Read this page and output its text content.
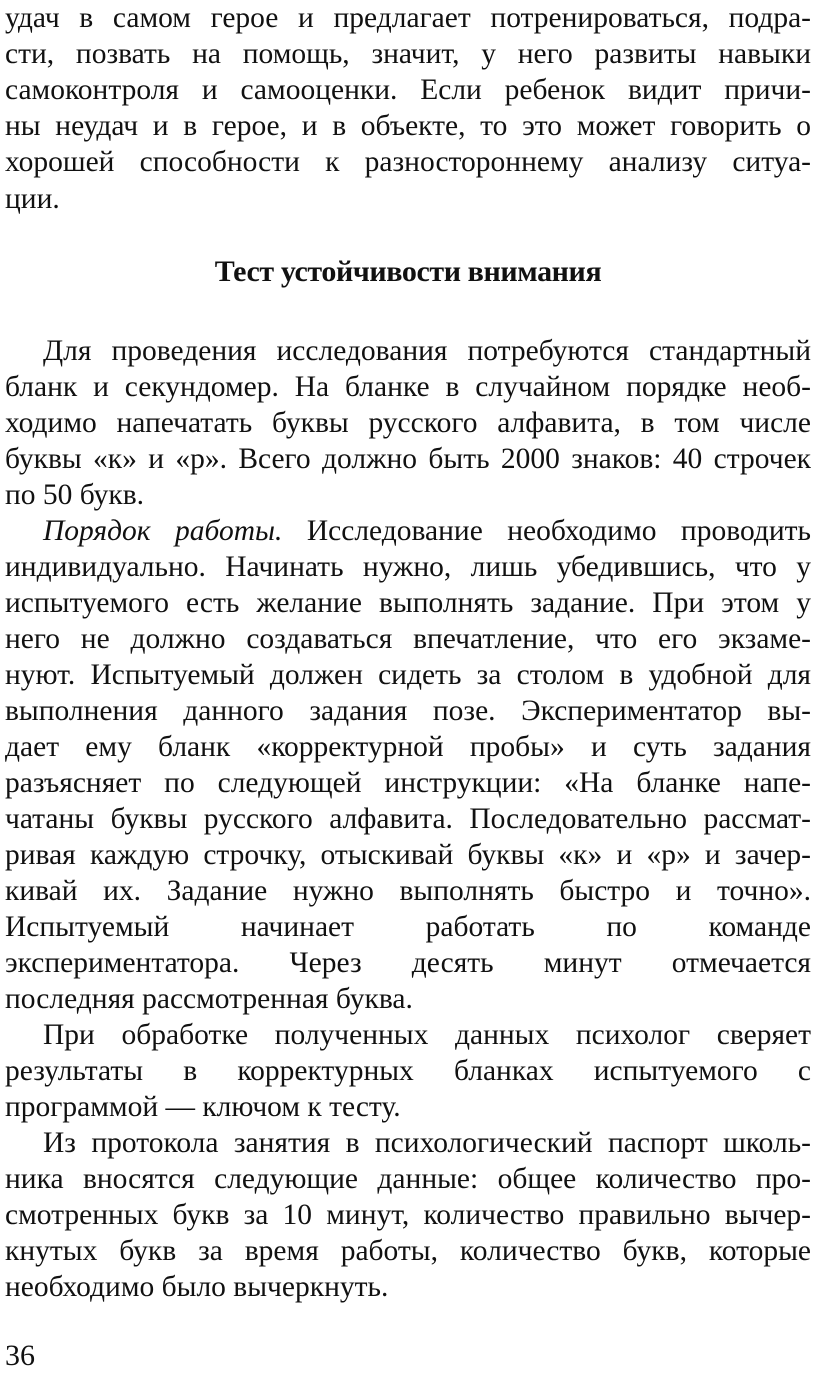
удач в самом герое и предлагает потренироваться, подра-
сти, позвать на помощь, значит, у него развиты навыки
самоконтроля и самооценки. Если ребенок видит причи-
ны неудач и в герое, и в объекте, то это может говорить о
хорошей способности к разностороннему анализу ситуа-
ции.
Тест устойчивости внимания
Для проведения исследования потребуются стандартный
бланк и секундомер. На бланке в случайном порядке необ-
ходимо напечатать буквы русского алфавита, в том числе
буквы «к» и «р». Всего должно быть 2000 знаков: 40 строчек
по 50 букв.
Порядок работы. Исследование необходимо проводить
индивидуально. Начинать нужно, лишь убедившись, что у
испытуемого есть желание выполнять задание. При этом у
него не должно создаваться впечатление, что его экзаме-
нуют. Испытуемый должен сидеть за столом в удобной для
выполнения данного задания позе. Экспериментатор вы-
дает ему бланк «корректурной пробы» и суть задания
разъясняет по следующей инструкции: «На бланке напе-
чатаны буквы русского алфавита. Последовательно рассмат-
ривая каждую строчку, отыскивай буквы «к» и «р» и зачер-
кивай их. Задание нужно выполнять быстро и точно».
Испытуемый начинает работать по команде
экспериментатора. Через десять минут отмечается
последняя рассмотренная буква.
При обработке полученных данных психолог сверяет
результаты в корректурных бланках испытуемого с
программой — ключом к тесту.
Из протокола занятия в психологический паспорт школь-
ника вносятся следующие данные: общее количество про-
смотренных букв за 10 минут, количество правильно вычер-
кнутых букв за время работы, количество букв, которые
необходимо было вычеркнуть.
36
